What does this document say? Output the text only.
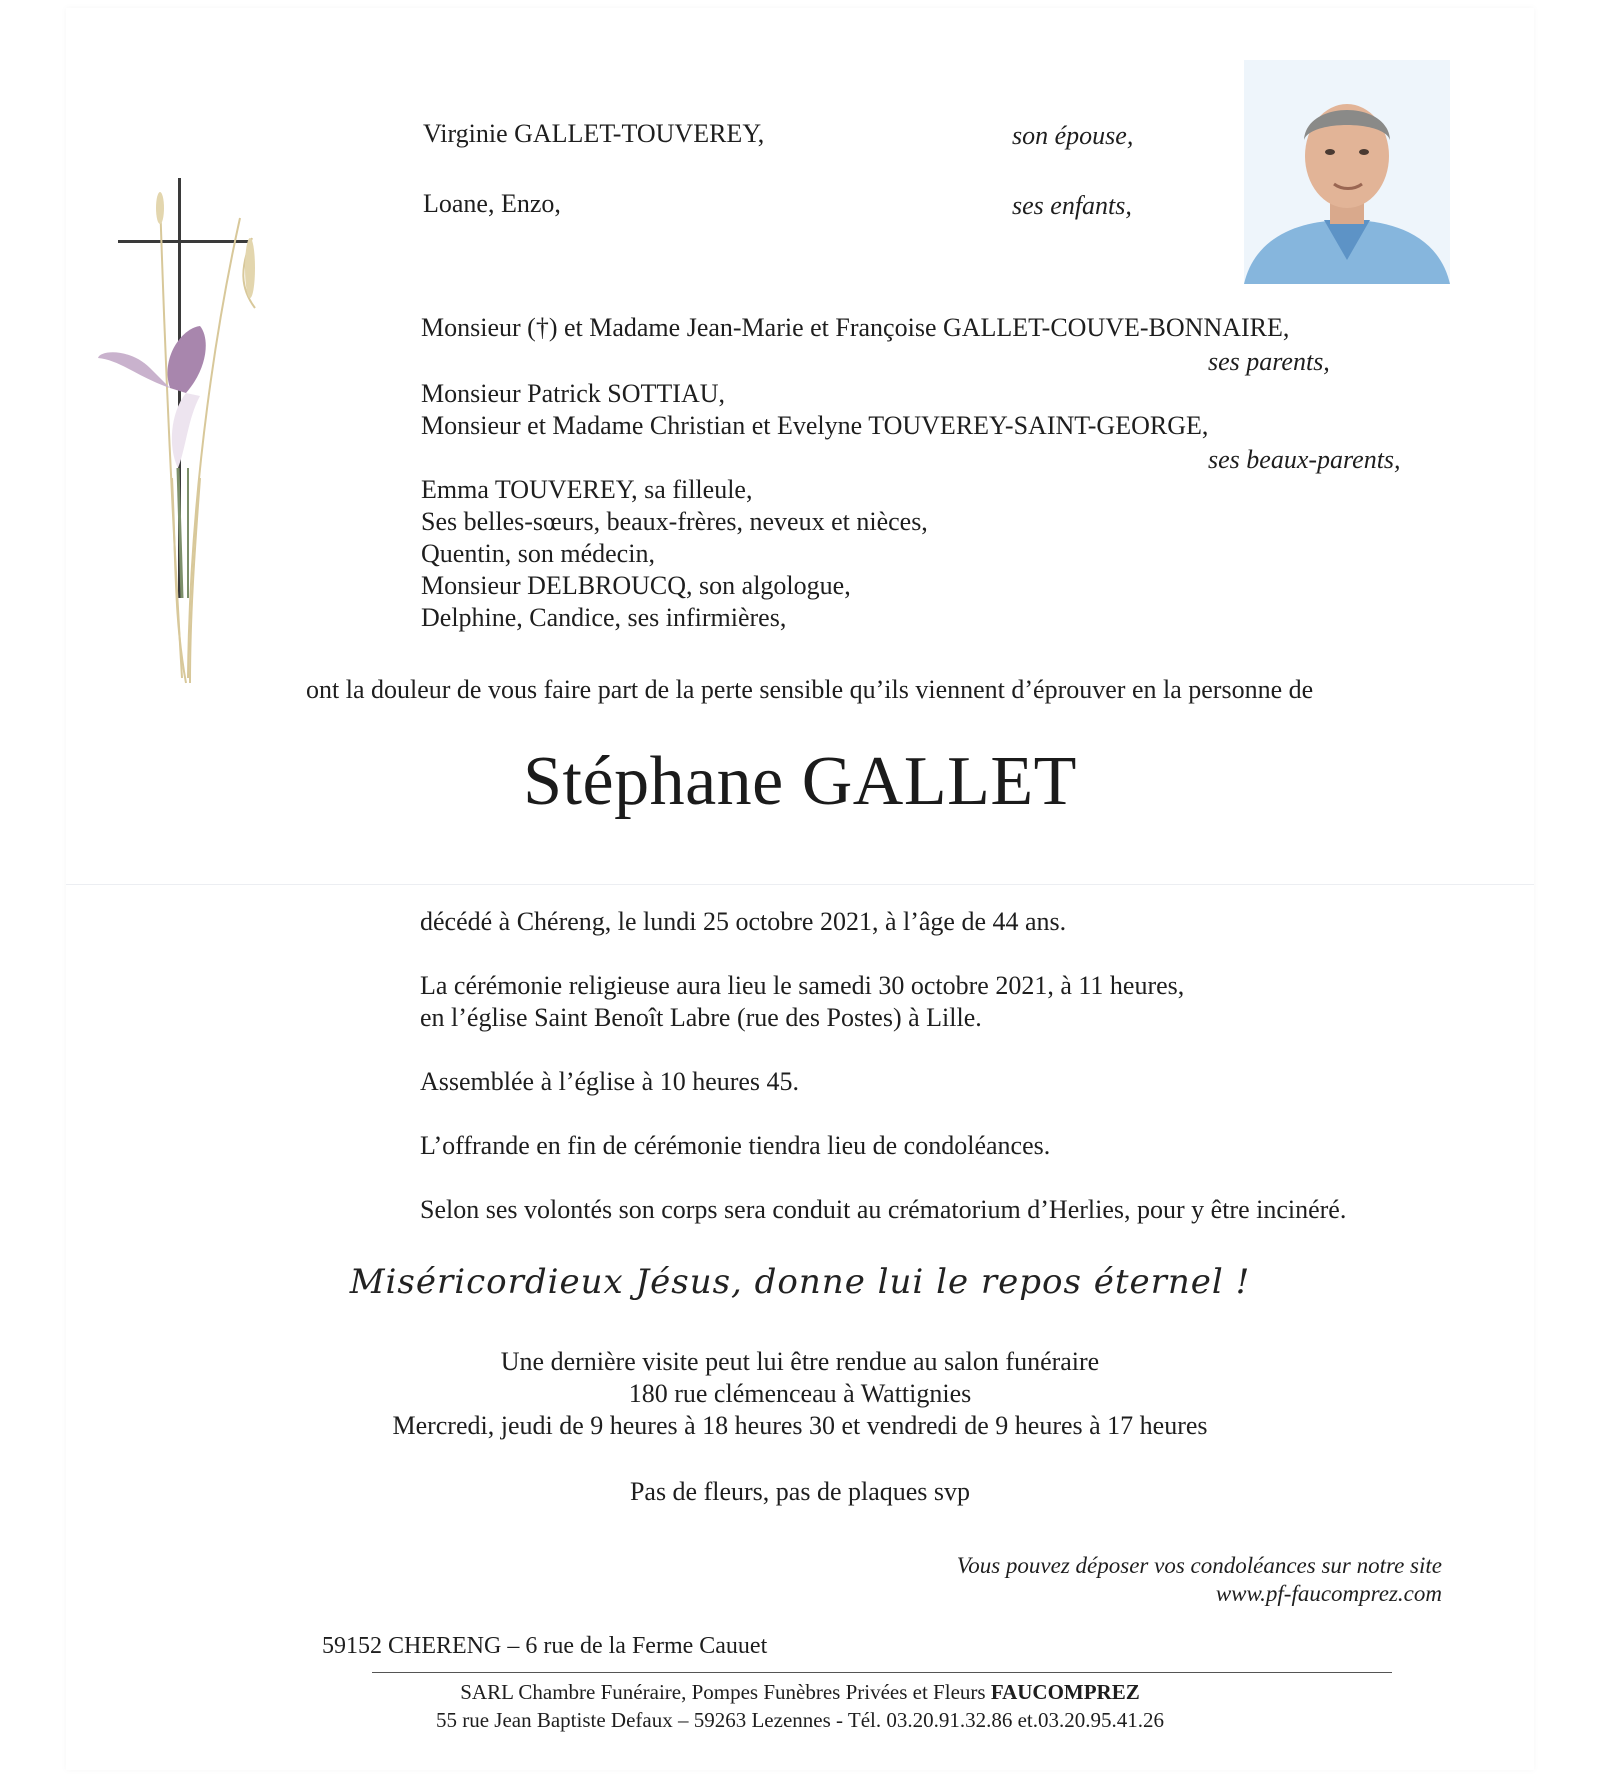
Virginie GALLET-TOUVEREY,	son épouse,
Loane, Enzo,	ses enfants,
Monsieur (†) et Madame Jean-Marie et Françoise GALLET-COUVE-BONNAIRE,
ses parents,
Monsieur Patrick SOTTIAU,
Monsieur et Madame Christian et Evelyne TOUVEREY-SAINT-GEORGE,
ses beaux-parents,
Emma TOUVEREY, sa filleule,
Ses belles-sœurs, beaux-frères, neveux et nièces,
Quentin, son médecin,
Monsieur DELBROUCQ, son algologue,
Delphine, Candice, ses infirmières,
ont la douleur de vous faire part de la perte sensible qu’ils viennent d’éprouver en la personne de
Stéphane GALLET
décédé à Chéreng, le lundi 25 octobre 2021, à l’âge de 44 ans.
La cérémonie religieuse aura lieu le samedi 30 octobre 2021, à 11 heures,
en l’église Saint Benoît Labre (rue des Postes) à Lille.
Assemblée à l’église à 10 heures 45.
L’offrande en fin de cérémonie tiendra lieu de condoléances.
Selon ses volontés son corps sera conduit au crématorium d’Herlies, pour y être incinéré.
Miséricordieux Jésus, donne lui le repos éternel !
Une dernière visite peut lui être rendue au salon funéraire
180 rue clémenceau à Wattignies
Mercredi, jeudi de 9 heures à 18 heures 30 et vendredi de 9 heures à 17 heures
Pas de fleurs, pas de plaques svp
Vous pouvez déposer vos condoléances sur notre site
www.pf-faucomprez.com
59152 CHERENG – 6 rue de la Ferme Cauuet
SARL Chambre Funéraire, Pompes Funèbres Privées et Fleurs FAUCOMPREZ
55 rue Jean Baptiste Defaux – 59263 Lezennes - Tél. 03.20.91.32.86 et.03.20.95.41.26
